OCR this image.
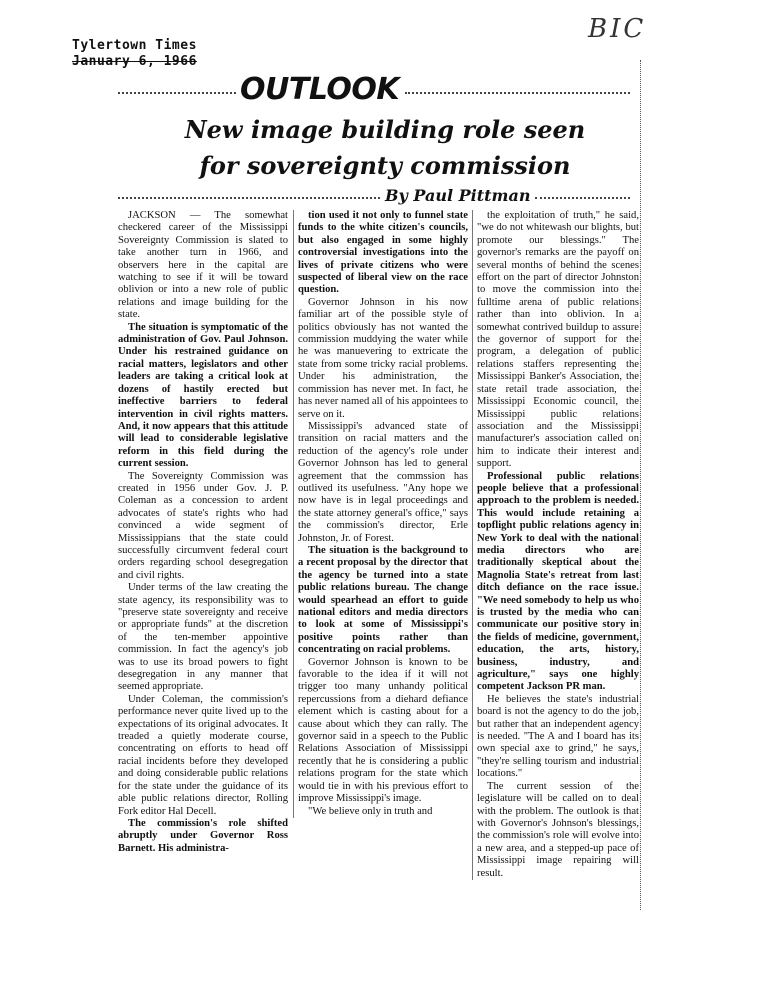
Tylertown Times
January 6, 1966
BIC
OUTLOOK
New image building role seen
for sovereignty commission
By Paul Pittman

JACKSON — The somewhat checkered career of the Mississippi Sovereignty Commission is slated to take another turn in 1966, and observers here in the capital are watching to see if it will be toward oblivion or into a new role of public relations and image building for the state.

The situation is symptomatic of the administration of Gov. Paul Johnson. Under his restrained guidance on racial matters, legislators and other leaders are taking a critical look at dozens of hastily erected but ineffective barriers to federal intervention in civil rights matters. And, it now appears that this attitude will lead to considerable legislative reform in this field during the current session.

The Sovereignty Commission was created in 1956 under Gov. J. P. Coleman as a concession to ardent advocates of state's rights who had convinced a wide segment of Mississippians that the state could successfully circumvent federal court orders regarding school desegregation and civil rights.

Under terms of the law creating the state agency, its responsibility was to "preserve state sovereignty and receive or appropriate funds" at the discretion of the ten-member appointive commission. In fact the agency's job was to use its broad powers to fight desegregation in any manner that seemed appropriate.

Under Coleman, the commission's performance never quite lived up to the expectations of its original advocates. It treaded a quietly moderate course, concentrating on efforts to head off racial incidents before they developed and doing considerable public relations for the state under the guidance of its able public relations director, Rolling Fork editor Hal Decell.

The commission's role shifted abruptly under Governor Ross Barnett. His administra-

tion used it not only to funnel state funds to the white citizen's councils, but also engaged in some highly controversial investigations into the lives of private citizens who were suspected of liberal view on the race question.

Governor Johnson in his now familiar art of the possible style of politics obviously has not wanted the commission muddying the water while he was manuevering to extricate the state from some tricky racial problems. Under his administration, the commission has never met. In fact, he has never named all of his appointees to serve on it.

Mississippi's advanced state of transition on racial matters and the reduction of the agency's role under Governor Johnson has led to general agreement that the commssion has outlived its usefulness. "Any hope we now have is in legal proceedings and the state attorney general's office," says the commission's director, Erle Johnston, Jr. of Forest.

The situation is the background to a recent proposal by the director that the agency be turned into a state public relations bureau. The change would spearhead an effort to guide national editors and media directors to look at some of Mississippi's positive points rather than concentrating on racial problems.

Governor Johnson is known to be favorable to the idea if it will not trigger too many unhandy political repercussions from a diehard defiance element which is casting about for a cause about which they can rally. The governor said in a speech to the Public Relations Association of Mississippi recently that he is considering a public relations program for the state which would tie in with his previous effort to improve Mississippi's image.

"We believe only in truth and

the exploitation of truth," he said, "we do not whitewash our blights, but promote our blessings." The governor's remarks are the payoff on several months of behind the scenes effort on the part of director Johnston to move the commission into the fulltime arena of public relations rather than into oblivion. In a somewhat contrived buildup to assure the governor of support for the program, a delegation of public relations staffers representing the Mississippi Banker's Association, the state retail trade association, the Mississippi Economic council, the Mississippi public relations association and the Mississippi manufacturer's association called on him to indicate their interest and support.

Professional public relations people believe that a professional approach to the problem is needed. This would include retaining a topflight public relations agency in New York to deal with the national media directors who are traditionally skeptical about the Magnolia State's retreat from last ditch defiance on the race issue. "We need somebody to help us who is trusted by the media who can communicate our positive story in the fields of medicine, government, education, the arts, history, business, industry, and agriculture," says one highly competent Jackson PR man.

He believes the state's industrial board is not the agency to do the job, but rather that an independent agency is needed. "The A and I board has its own special axe to grind," he says, "they're selling tourism and industrial locations."

The current session of the legislature will be called on to deal with the problem. The outlook is that with Governor's Johnson's blessings, the commission's role will evolve into a new area, and a stepped-up pace of Mississippi image repairing will result.
